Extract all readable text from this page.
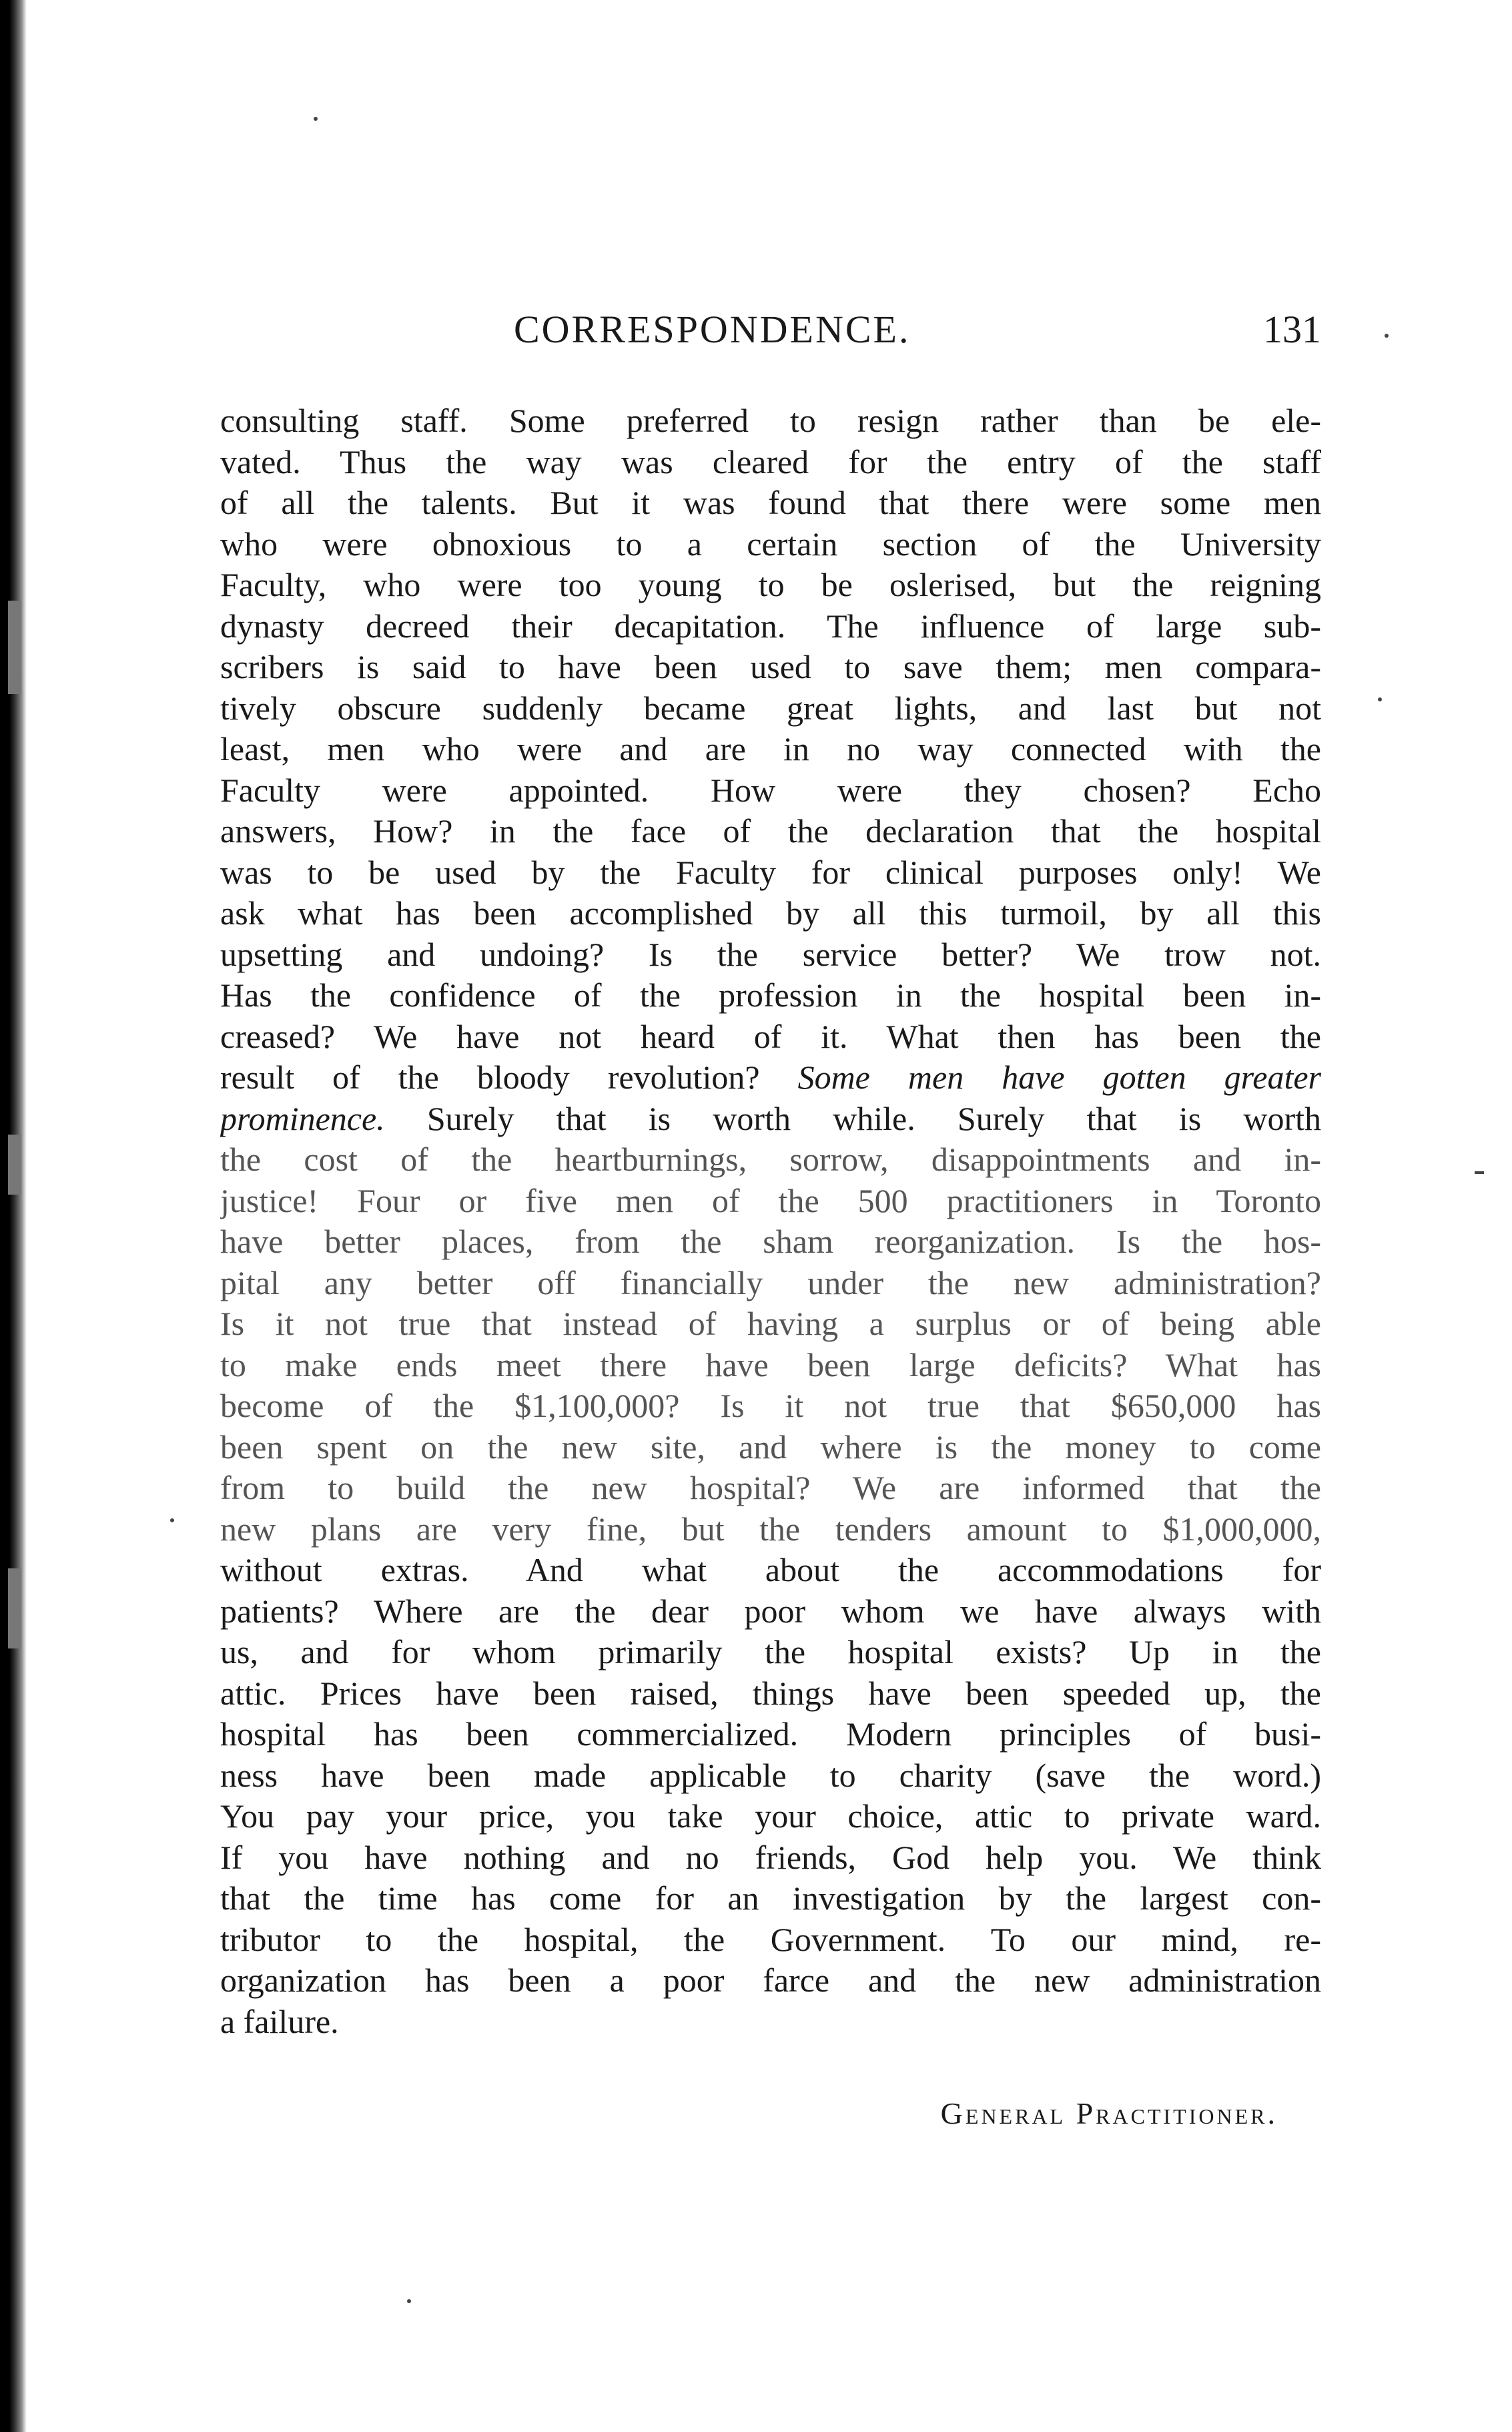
CORRESPONDENCE.	131
consulting staff. Some preferred to resign rather than be ele-
vated. Thus the way was cleared for the entry of the staff
of all the talents. But it was found that there were some men
who were obnoxious to a certain section of the University
Faculty, who were too young to be oslerised, but the reigning
dynasty decreed their decapitation. The influence of large sub-
scribers is said to have been used to save them; men compara-
tively obscure suddenly became great lights, and last but not
least, men who were and are in no way connected with the
Faculty were appointed. How were they chosen? Echo
answers, How? in the face of the declaration that the hospital
was to be used by the Faculty for clinical purposes only! We
ask what has been accomplished by all this turmoil, by all this
upsetting and undoing? Is the service better? We trow not.
Has the confidence of the profession in the hospital been in-
creased? We have not heard of it. What then has been the
result of the bloody revolution? Some men have gotten greater
prominence. Surely that is worth while. Surely that is worth
the cost of the heartburnings, sorrow, disappointments and in-
justice! Four or five men of the 500 practitioners in Toronto
have better places, from the sham reorganization. Is the hos-
pital any better off financially under the new administration?
Is it not true that instead of having a surplus or of being able
to make ends meet there have been large deficits? What has
become of the $1,100,000? Is it not true that $650,000 has
been spent on the new site, and where is the money to come
from to build the new hospital? We are informed that the
new plans are very fine, but the tenders amount to $1,000,000,
without extras. And what about the accommodations for
patients? Where are the dear poor whom we have always with
us, and for whom primarily the hospital exists? Up in the
attic. Prices have been raised, things have been speeded up, the
hospital has been commercialized. Modern principles of busi-
ness have been made applicable to charity (save the word.)
You pay your price, you take your choice, attic to private ward.
If you have nothing and no friends, God help you. We think
that the time has come for an investigation by the largest con-
tributor to the hospital, the Government. To our mind, re-
organization has been a poor farce and the new administration
a failure.
General Practitioner.
